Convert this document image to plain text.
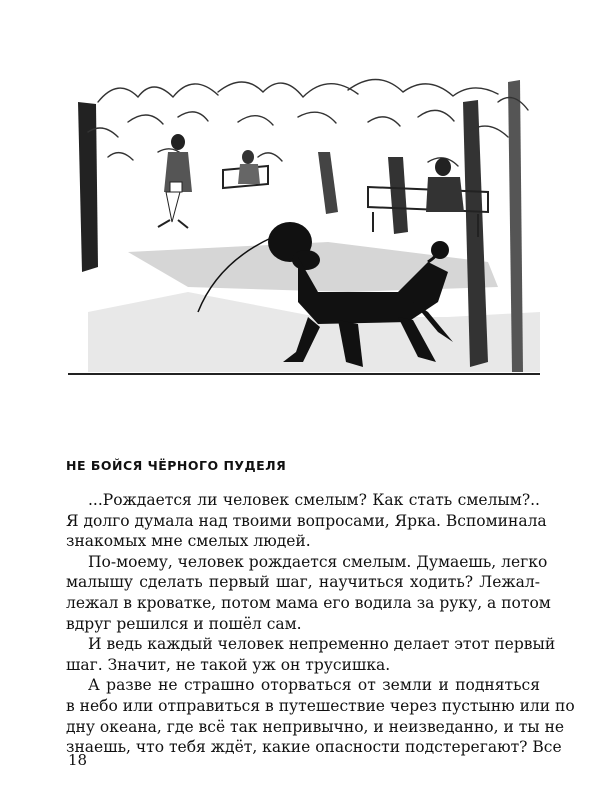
НЕ БОЙСЯ ЧЁРНОГО ПУДЕЛЯ

...Рождается ли человек смелым? Как стать смелым?..

Я долго думала над твоими вопросами, Ярка. Вспоминала

знакомых мне смелых людей.

По-моему, человек рождается смелым. Думаешь, легко

малышу сделать первый шаг, научиться ходить? Лежал-

лежал в кроватке, потом мама его водила за руку, а потом

вдруг решился и пошёл сам.

И ведь каждый человек непременно делает этот первый

шаг. Значит, не такой уж он трусишка.

А разве не страшно оторваться от земли и подняться

в небо или отправиться в путешествие через пустыню или по

дну океана, где всё так непривычно, и неизведанно, и ты не

знаешь, что тебя ждёт, какие опасности подстерегают? Все

18
